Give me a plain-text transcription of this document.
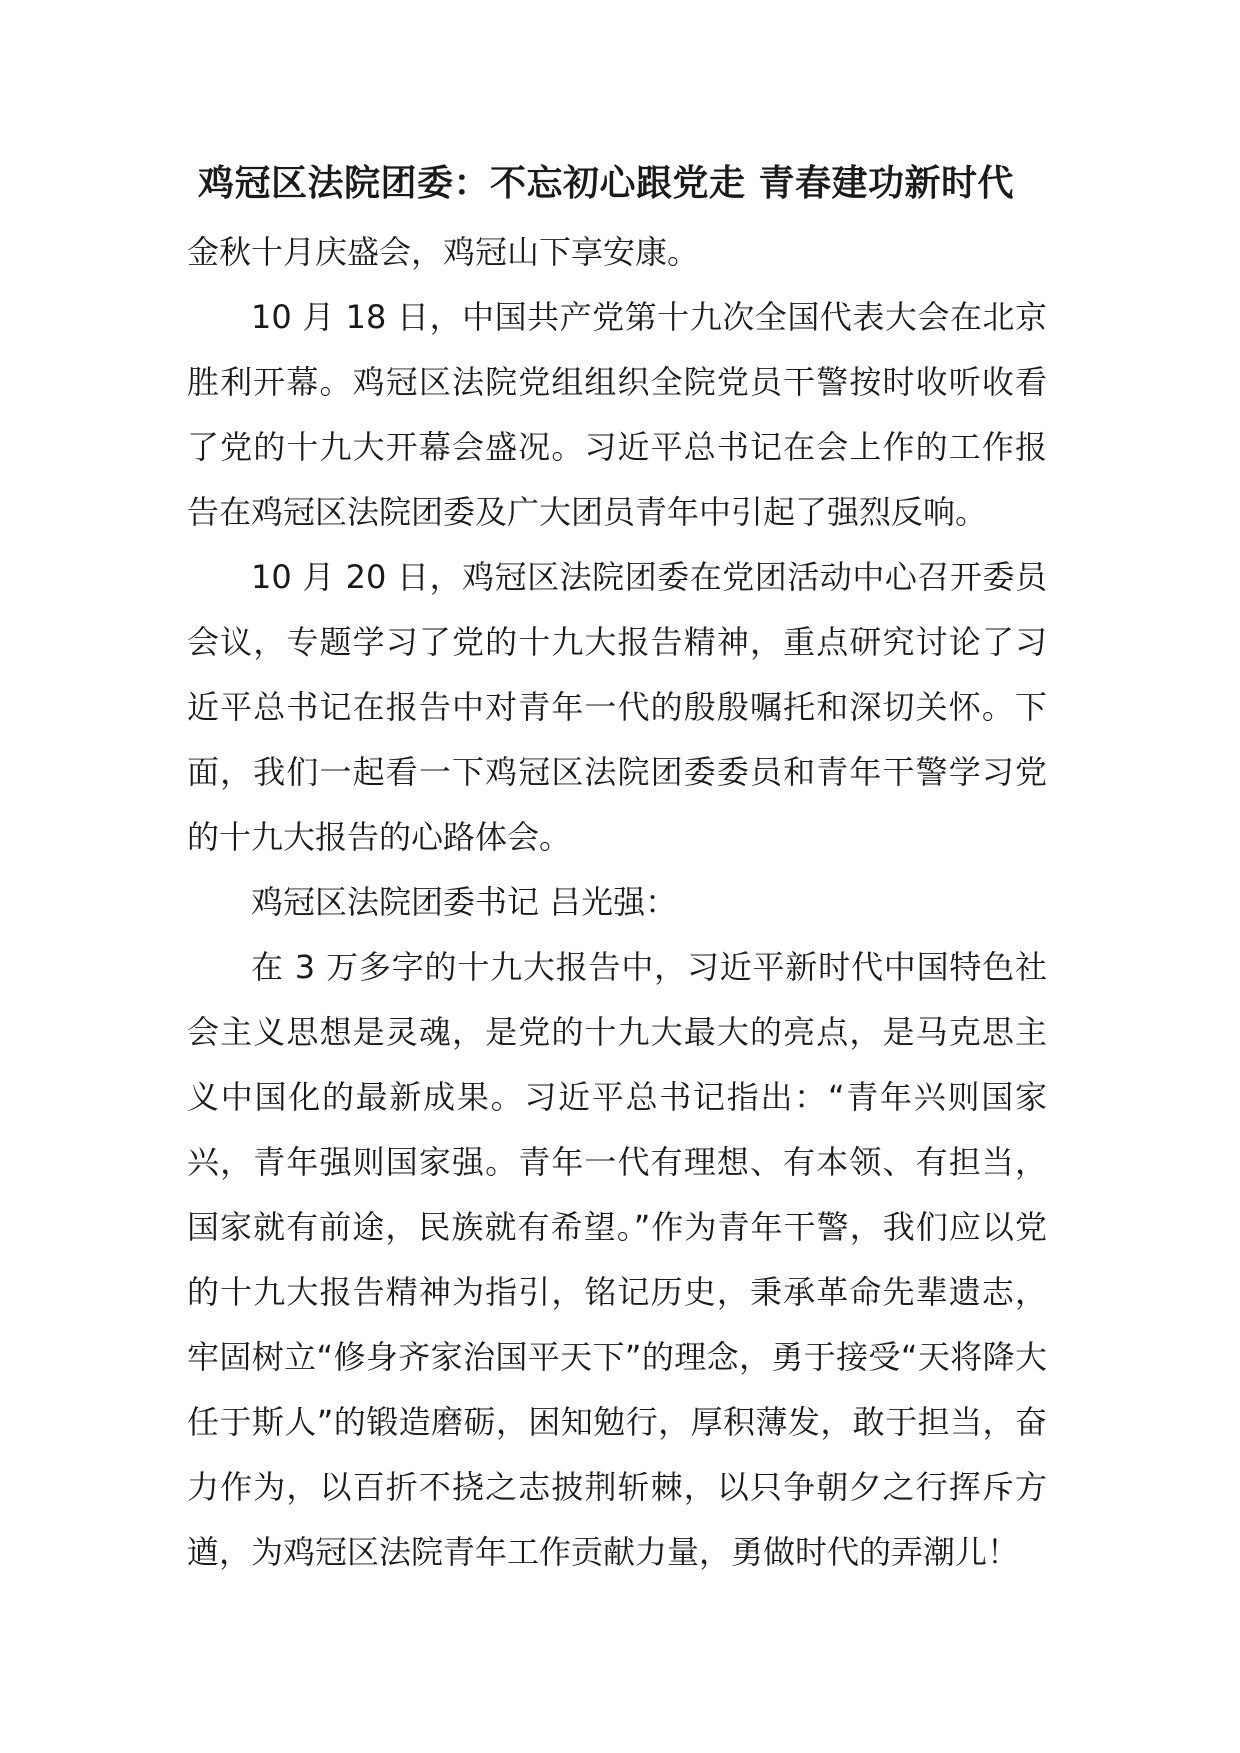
鸡冠区法院团委：不忘初心跟党走 青春建功新时代

金秋十月庆盛会，鸡冠山下享安康。

10 月 18 日，中国共产党第十九次全国代表大会在北京胜利开幕。鸡冠区法院党组组织全院党员干警按时收听收看了党的十九大开幕会盛况。习近平总书记在会上作的工作报告在鸡冠区法院团委及广大团员青年中引起了强烈反响。

10 月 20 日，鸡冠区法院团委在党团活动中心召开委员会议，专题学习了党的十九大报告精神，重点研究讨论了习近平总书记在报告中对青年一代的殷殷嘱托和深切关怀。下面，我们一起看一下鸡冠区法院团委委员和青年干警学习党的十九大报告的心路体会。

鸡冠区法院团委书记 吕光强：

在 3 万多字的十九大报告中，习近平新时代中国特色社会主义思想是灵魂，是党的十九大最大的亮点，是马克思主义中国化的最新成果。习近平总书记指出：“青年兴则国家兴，青年强则国家强。青年一代有理想、有本领、有担当，国家就有前途，民族就有希望。”作为青年干警，我们应以党的十九大报告精神为指引，铭记历史，秉承革命先辈遗志，牢固树立“修身齐家治国平天下”的理念，勇于接受“天将降大任于斯人”的锻造磨砺，困知勉行，厚积薄发，敢于担当，奋力作为，以百折不挠之志披荆斩棘，以只争朝夕之行挥斥方遒，为鸡冠区法院青年工作贡献力量，勇做时代的弄潮儿！
